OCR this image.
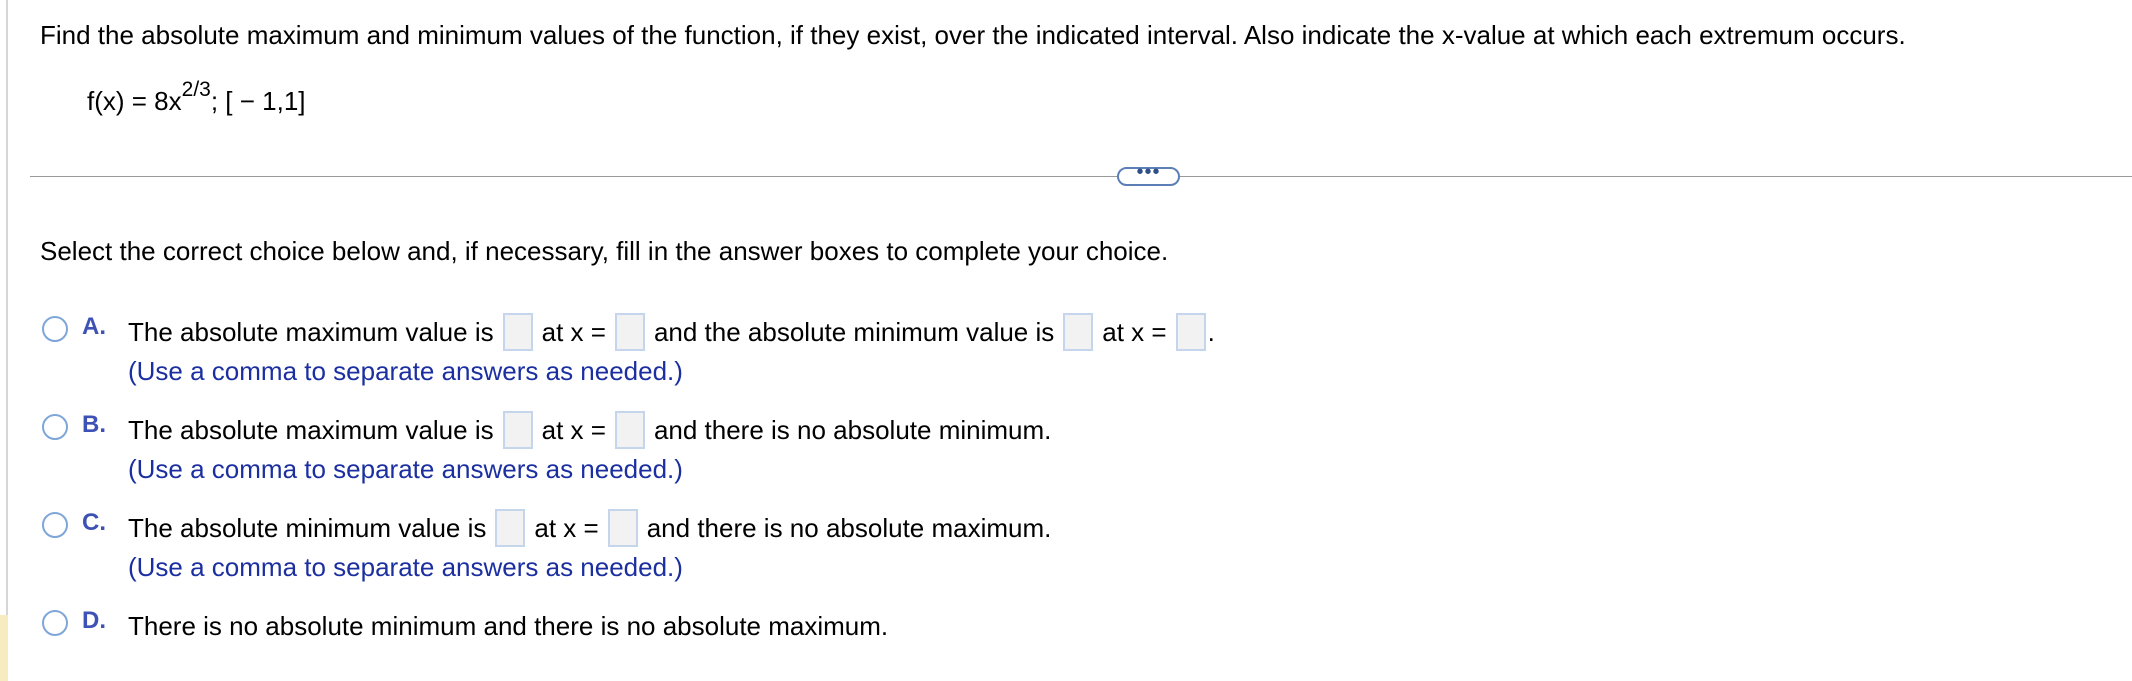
Find the absolute maximum and minimum values of the function, if they exist, over the indicated interval. Also indicate the x-value at which each extremum occurs.
$f(x) = 8x^{2/3}$; [ − 1,1]
•••
Select the correct choice below and, if necessary, fill in the answer boxes to complete your choice.
A. The absolute maximum value is at x = and the absolute minimum value is at x = .
(Use a comma to separate answers as needed.)
B. The absolute maximum value is at x = and there is no absolute minimum.
(Use a comma to separate answers as needed.)
C. The absolute minimum value is at x = and there is no absolute maximum.
(Use a comma to separate answers as needed.)
D. There is no absolute minimum and there is no absolute maximum.
